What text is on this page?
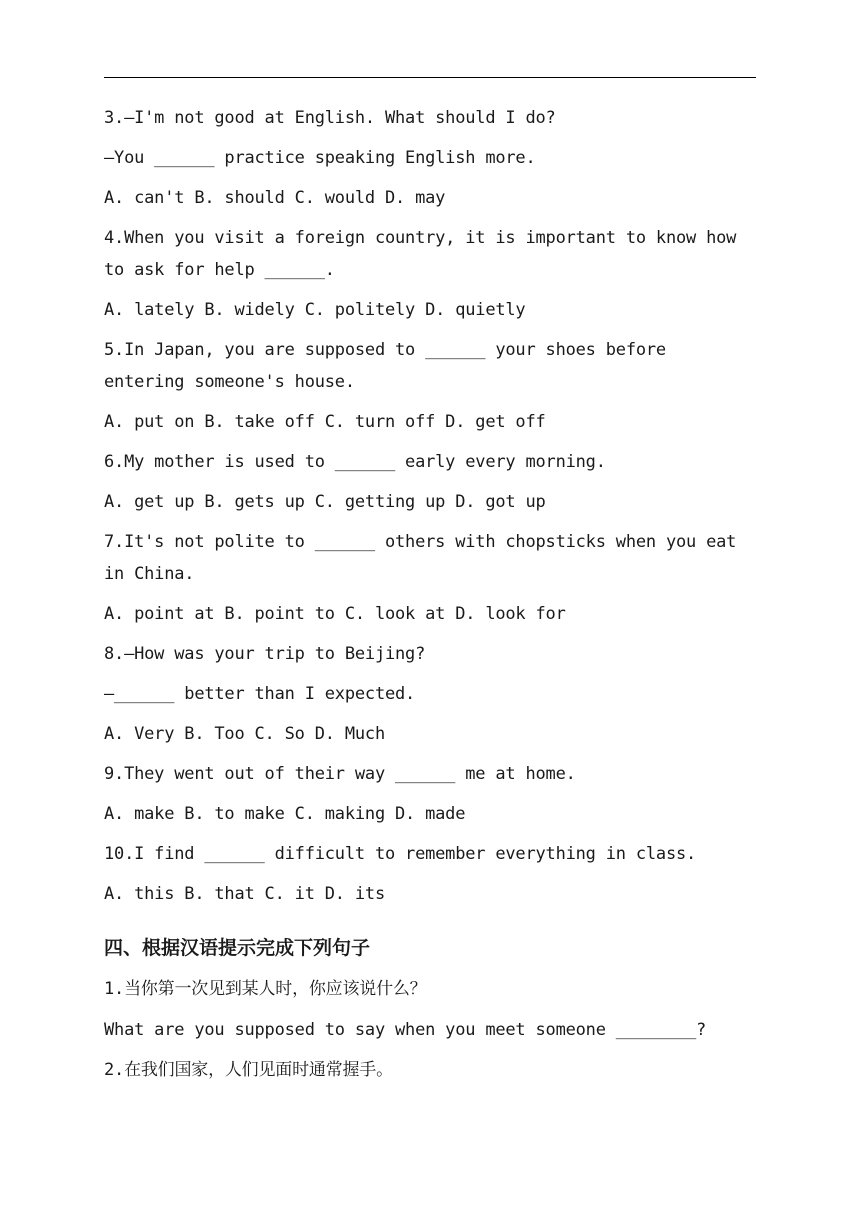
3.—I'm not good at English. What should I do?
—You ______ practice speaking English more.
A. can't B. should C. would D. may
4.When you visit a foreign country, it is important to know how
to ask for help ______.
A. lately B. widely C. politely D. quietly
5.In Japan, you are supposed to ______ your shoes before
entering someone's house.
A. put on B. take off C. turn off D. get off
6.My mother is used to ______ early every morning.
A. get up B. gets up C. getting up D. got up
7.It's not polite to ______ others with chopsticks when you eat
in China.
A. point at B. point to C. look at D. look for
8.—How was your trip to Beijing?
—______ better than I expected.
A. Very B. Too C. So D. Much
9.They went out of their way ______ me at home.
A. make B. to make C. making D. made
10.I find ______ difficult to remember everything in class.
A. this B. that C. it D. its
四、根据汉语提示完成下列句子
1.当你第一次见到某人时，你应该说什么？
What are you supposed to say when you meet someone ________?
2.在我们国家，人们见面时通常握手。
